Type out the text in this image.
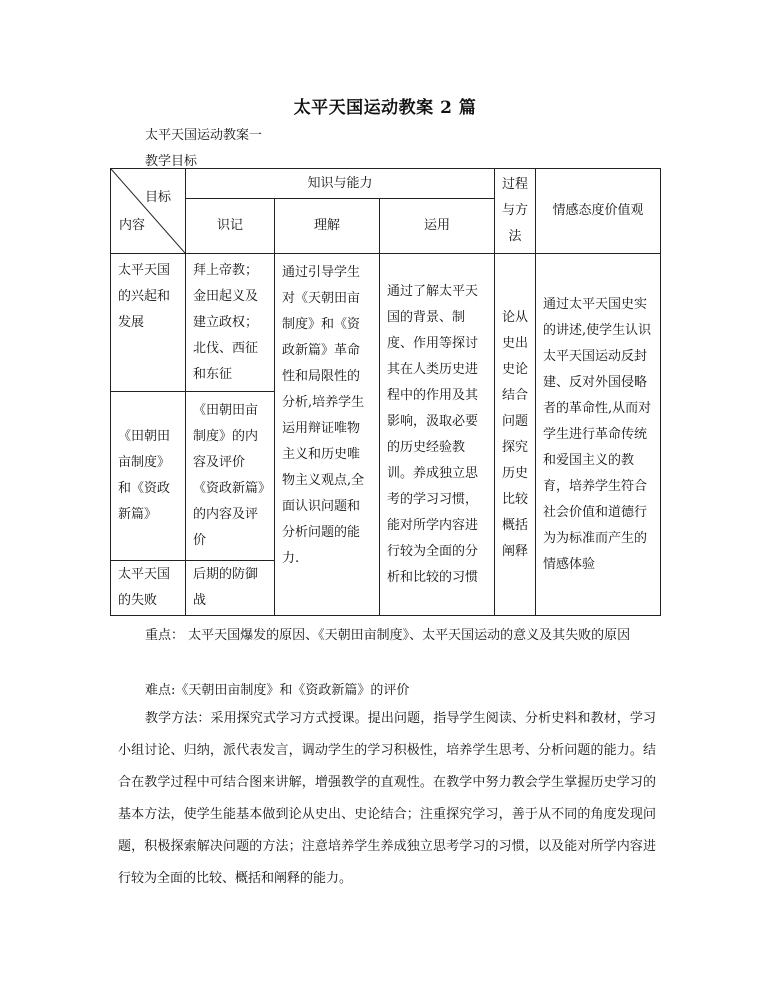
太平天国运动教案 2 篇
太平天国运动教案一
教学目标
目标
内容	知识与能力			过程与方法	情感态度价值观
	识记	理解	运用		
太平天国的兴起和发展	拜上帝教；金田起义及建立政权；北伐、西征和东征	通过引导学生对《天朝田亩制度》和《资政新篇》革命性和局限性的分析,培养学生运用辩证唯物主义和历史唯物主义观点,全面认识问题和分析问题的能力.	通过了解太平天国的背景、制度、作用等探讨其在人类历史进程中的作用及其影响，汲取必要的历史经验教训。养成独立思考的学习习惯，能对所学内容进行较为全面的分析和比较的习惯	论从史出史论结合问题探究历史比较概括阐释	通过太平天国史实的讲述,使学生认识太平天国运动反封建、反对外国侵略者的革命性,从而对学生进行革命传统和爱国主义的教育，培养学生符合社会价值和道德行为为标准而产生的情感体验
《田朝田亩制度》和《资政新篇》	《田朝田亩制度》的内容及评价《资政新篇》的内容及评价				
太平天国的失败	后期的防御战				
重点： 太平天国爆发的原因、《天朝田亩制度》、太平天国运动的意义及其失败的原因
难点:《天朝田亩制度》和《资政新篇》的评价
教学方法：采用探究式学习方式授课。提出问题，指导学生阅读、分析史料和教材，学习小组讨论、归纳，派代表发言，调动学生的学习积极性，培养学生思考、分析问题的能力。结合在教学过程中可结合图来讲解，增强教学的直观性。在教学中努力教会学生掌握历史学习的基本方法，使学生能基本做到论从史出、史论结合；注重探究学习，善于从不同的角度发现问题，积极探索解决问题的方法；注意培养学生养成独立思考学习的习惯，以及能对所学内容进行较为全面的比较、概括和阐释的能力。
